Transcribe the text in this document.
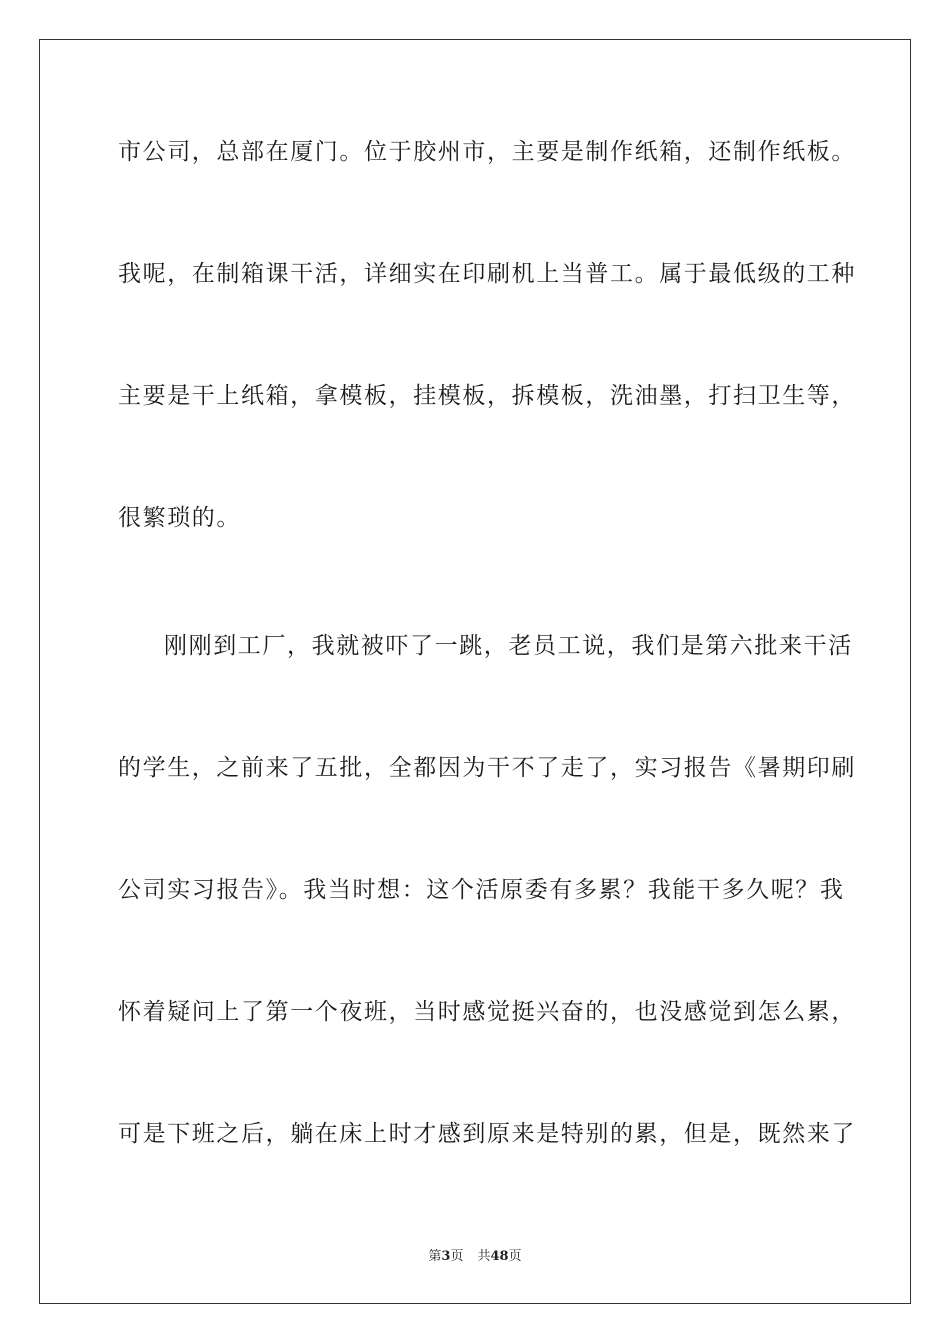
市公司，总部在厦门。位于胶州市，主要是制作纸箱，还制作纸板。
我呢，在制箱课干活，详细实在印刷机上当普工。属于最低级的工种
主要是干上纸箱，拿模板，挂模板，拆模板，洗油墨，打扫卫生等，
很繁琐的。
刚刚到工厂，我就被吓了一跳，老员工说，我们是第六批来干活
的学生，之前来了五批，全都因为干不了走了，实习报告《暑期印刷
公司实习报告》。我当时想：这个活原委有多累？我能干多久呢？我
怀着疑问上了第一个夜班，当时感觉挺兴奋的，也没感觉到怎么累，
可是下班之后，躺在床上时才感到原来是特别的累，但是，既然来了
第3页 共48页
